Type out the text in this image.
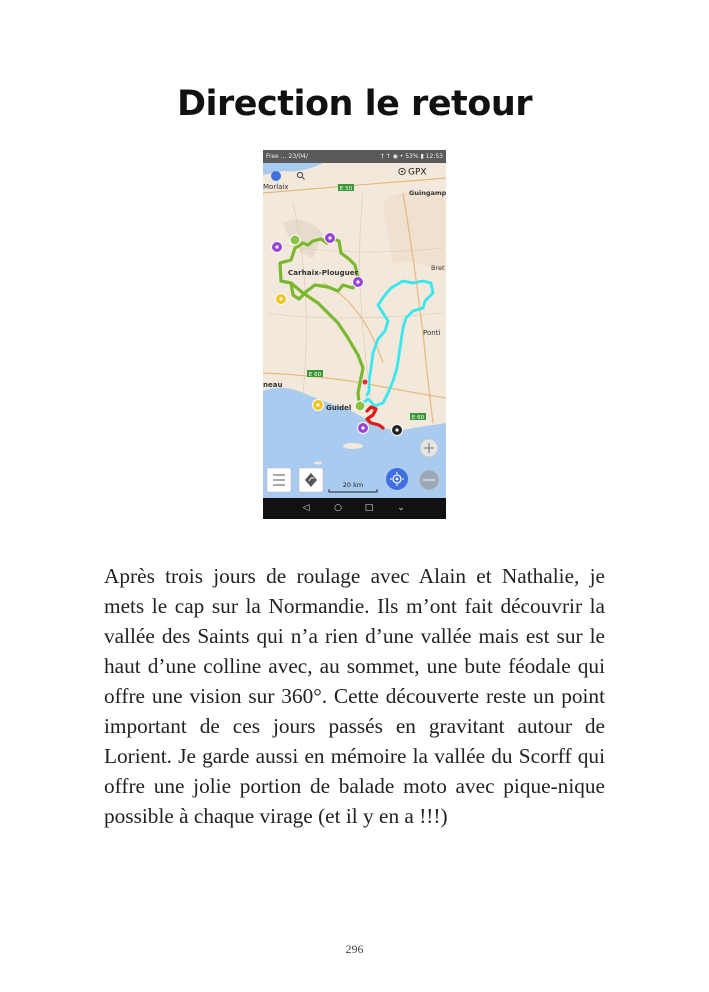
Direction le retour
Free … 23/04/	† ↑ ◉ • 53% ▮ 12:53
E 50
E 60
E 60
Morlaix
Guingamp
Carhaix-Plouguer	Bret
Ponti
neau
Guidel
GPX
20 km
◁	○	□	⌄

Après trois jours de roulage avec Alain et Nathalie, je mets le cap sur la Normandie. Ils m’ont fait découvrir la vallée des Saints qui n’a rien d’une vallée mais est sur le haut d’une colline avec, au sommet, une bute féodale qui offre une vision sur 360°. Cette découverte reste un point important de ces jours passés en gravitant autour de Lorient. Je garde aussi en mémoire la vallée du Scorff qui offre une jolie portion de balade moto avec pique-nique possible à chaque virage (et il y en a !!!)

296
